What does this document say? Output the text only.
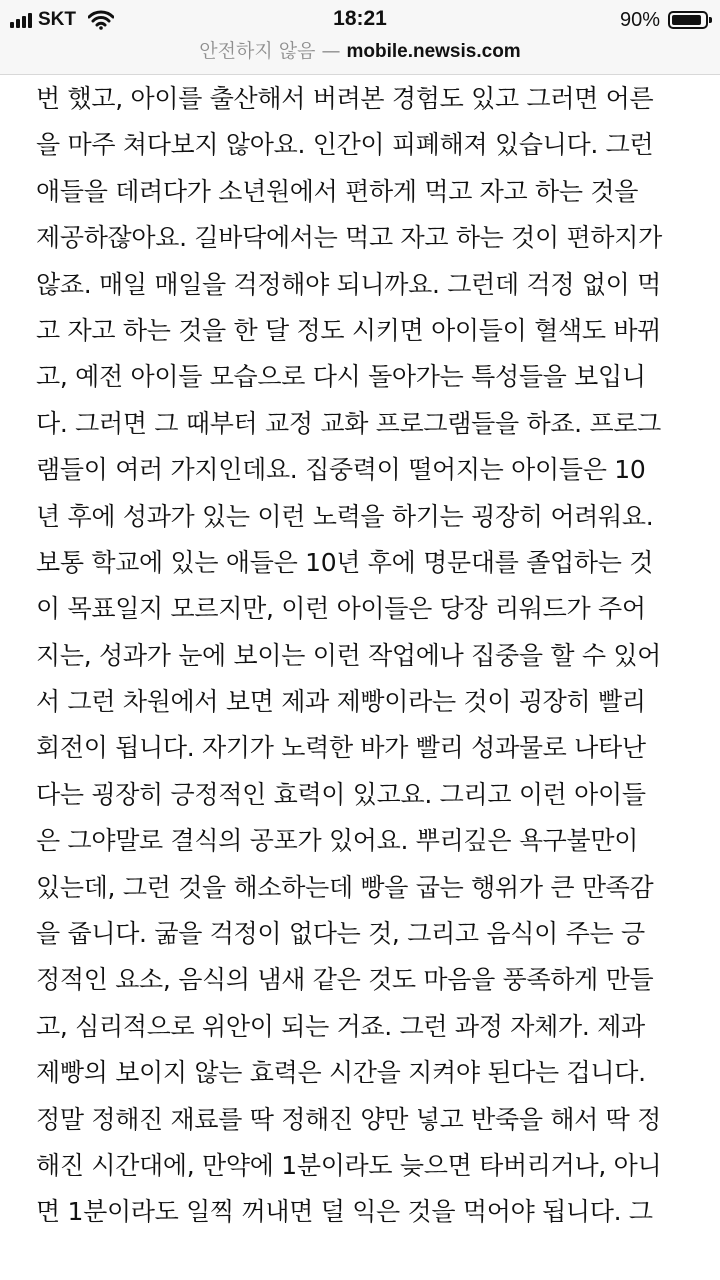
SKT	18:21	90%
안전하지 않음 — mobile.newsis.com
번 했고, 아이를 출산해서 버려본 경험도 있고 그러면 어른
을 마주 쳐다보지 않아요. 인간이 피폐해져 있습니다. 그런
애들을 데려다가 소년원에서 편하게 먹고 자고 하는 것을
제공하잖아요. 길바닥에서는 먹고 자고 하는 것이 편하지가
않죠. 매일 매일을 걱정해야 되니까요. 그런데 걱정 없이 먹
고 자고 하는 것을 한 달 정도 시키면 아이들이 혈색도 바뀌
고, 예전 아이들 모습으로 다시 돌아가는 특성들을 보입니
다. 그러면 그 때부터 교정 교화 프로그램들을 하죠. 프로그
램들이 여러 가지인데요. 집중력이 떨어지는 아이들은 10
년 후에 성과가 있는 이런 노력을 하기는 굉장히 어려워요.
보통 학교에 있는 애들은 10년 후에 명문대를 졸업하는 것
이 목표일지 모르지만, 이런 아이들은 당장 리워드가 주어
지는, 성과가 눈에 보이는 이런 작업에나 집중을 할 수 있어
서 그런 차원에서 보면 제과 제빵이라는 것이 굉장히 빨리
회전이 됩니다. 자기가 노력한 바가 빨리 성과물로 나타난
다는 굉장히 긍정적인 효력이 있고요. 그리고 이런 아이들
은 그야말로 결식의 공포가 있어요. 뿌리깊은 욕구불만이
있는데, 그런 것을 해소하는데 빵을 굽는 행위가 큰 만족감
을 줍니다. 굶을 걱정이 없다는 것, 그리고 음식이 주는 긍
정적인 요소, 음식의 냄새 같은 것도 마음을 풍족하게 만들
고, 심리적으로 위안이 되는 거죠. 그런 과정 자체가. 제과
제빵의 보이지 않는 효력은 시간을 지켜야 된다는 겁니다.
정말 정해진 재료를 딱 정해진 양만 넣고 반죽을 해서 딱 정
해진 시간대에, 만약에 1분이라도 늦으면 타버리거나, 아니
면 1분이라도 일찍 꺼내면 덜 익은 것을 먹어야 됩니다. 그
